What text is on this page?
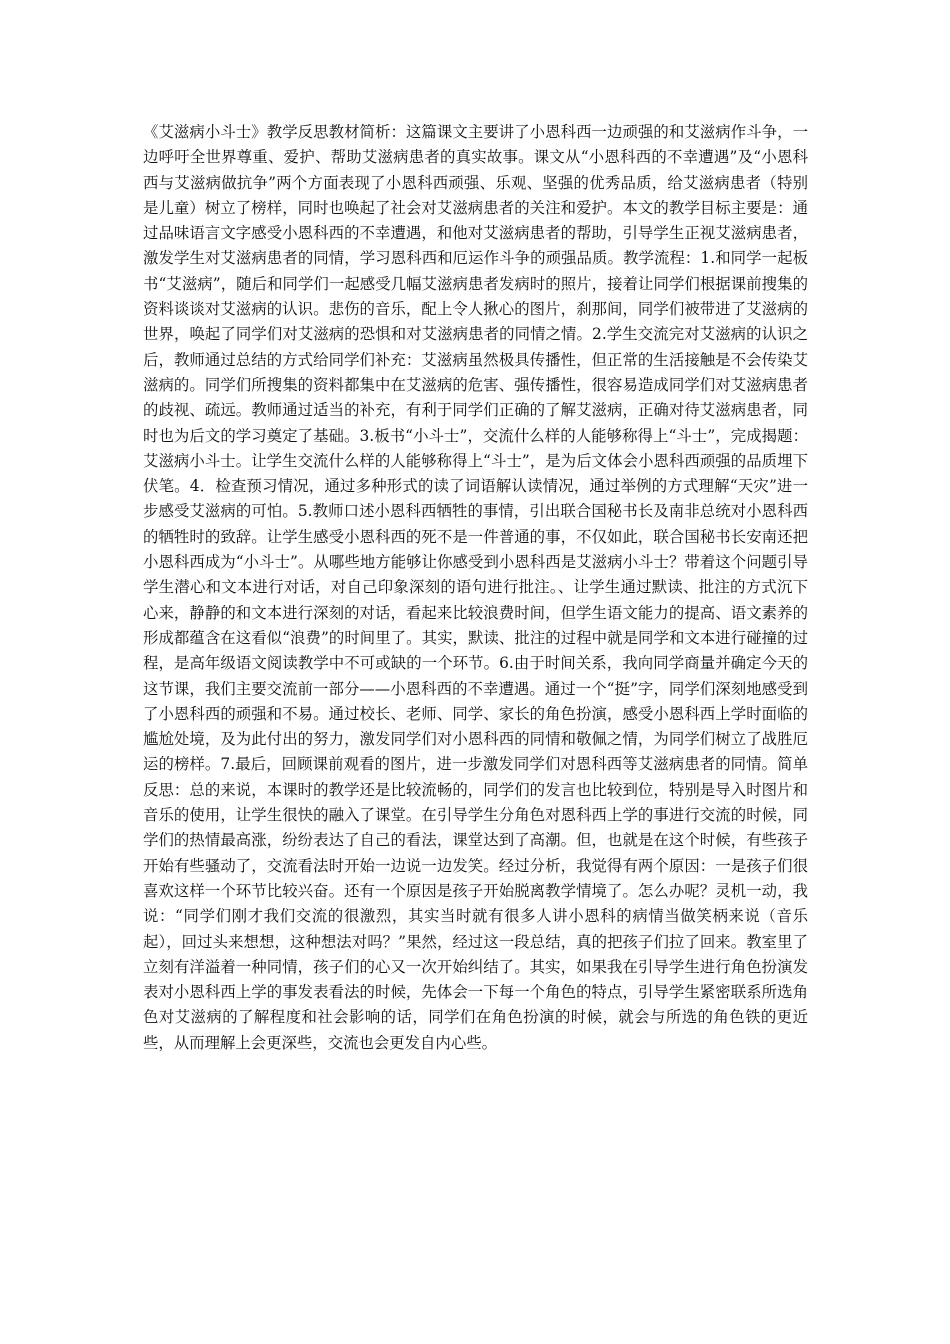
《艾滋病小斗士》教学反思教材简析：这篇课文主要讲了小恩科西一边顽强的和艾滋病作斗争，一边呼吁全世界尊重、爱护、帮助艾滋病患者的真实故事。课文从“小恩科西的不幸遭遇”及“小恩科西与艾滋病做抗争”两个方面表现了小恩科西顽强、乐观、坚强的优秀品质，给艾滋病患者（特别是儿童）树立了榜样，同时也唤起了社会对艾滋病患者的关注和爱护。本文的教学目标主要是：通过品味语言文字感受小恩科西的不幸遭遇，和他对艾滋病患者的帮助，引导学生正视艾滋病患者，激发学生对艾滋病患者的同情，学习恩科西和厄运作斗争的顽强品质。教学流程：1.和同学一起板书“艾滋病”，随后和同学们一起感受几幅艾滋病患者发病时的照片，接着让同学们根据课前搜集的资料谈谈对艾滋病的认识。悲伤的音乐，配上令人揪心的图片，刹那间，同学们被带进了艾滋病的世界，唤起了同学们对艾滋病的恐惧和对艾滋病患者的同情之情。2.学生交流完对艾滋病的认识之后，教师通过总结的方式给同学们补充：艾滋病虽然极具传播性，但正常的生活接触是不会传染艾滋病的。同学们所搜集的资料都集中在艾滋病的危害、强传播性，很容易造成同学们对艾滋病患者的歧视、疏远。教师通过适当的补充，有利于同学们正确的了解艾滋病，正确对待艾滋病患者，同时也为后文的学习奠定了基础。3.板书“小斗士”，交流什么样的人能够称得上“斗士”，完成揭题：艾滋病小斗士。让学生交流什么样的人能够称得上“斗士”，是为后文体会小恩科西顽强的品质埋下伏笔。4．检查预习情况，通过多种形式的读了词语解认读情况，通过举例的方式理解“天灾”进一步感受艾滋病的可怕。5.教师口述小恩科西牺牲的事情，引出联合国秘书长及南非总统对小恩科西的牺牲时的致辞。让学生感受小恩科西的死不是一件普通的事，不仅如此，联合国秘书长安南还把小恩科西成为“小斗士”。从哪些地方能够让你感受到小恩科西是艾滋病小斗士？带着这个问题引导学生潜心和文本进行对话，对自己印象深刻的语句进行批注。、让学生通过默读、批注的方式沉下心来，静静的和文本进行深刻的对话，看起来比较浪费时间，但学生语文能力的提高、语文素养的形成都蕴含在这看似“浪费”的时间里了。其实，默读、批注的过程中就是同学和文本进行碰撞的过程，是高年级语文阅读教学中不可或缺的一个环节。6.由于时间关系，我向同学商量并确定今天的这节课，我们主要交流前一部分——小恩科西的不幸遭遇。通过一个“挺”字，同学们深刻地感受到了小恩科西的顽强和不易。通过校长、老师、同学、家长的角色扮演，感受小恩科西上学时面临的尴尬处境，及为此付出的努力，激发同学们对小恩科西的同情和敬佩之情，为同学们树立了战胜厄运的榜样。7.最后，回顾课前观看的图片，进一步激发同学们对恩科西等艾滋病患者的同情。简单反思：总的来说，本课时的教学还是比较流畅的，同学们的发言也比较到位，特别是导入时图片和音乐的使用，让学生很快的融入了课堂。在引导学生分角色对恩科西上学的事进行交流的时候，同学们的热情最高涨，纷纷表达了自己的看法，课堂达到了高潮。但，也就是在这个时候，有些孩子开始有些骚动了，交流看法时开始一边说一边发笑。经过分析，我觉得有两个原因：一是孩子们很喜欢这样一个环节比较兴奋。还有一个原因是孩子开始脱离教学情境了。怎么办呢？灵机一动，我说：“同学们刚才我们交流的很激烈，其实当时就有很多人讲小恩科的病情当做笑柄来说（音乐起），回过头来想想，这种想法对吗？”果然，经过这一段总结，真的把孩子们拉了回来。教室里了立刻有洋溢着一种同情，孩子们的心又一次开始纠结了。其实，如果我在引导学生进行角色扮演发表对小恩科西上学的事发表看法的时候，先体会一下每一个角色的特点，引导学生紧密联系所选角色对艾滋病的了解程度和社会影响的话，同学们在角色扮演的时候，就会与所选的角色铁的更近些，从而理解上会更深些，交流也会更发自内心些。
